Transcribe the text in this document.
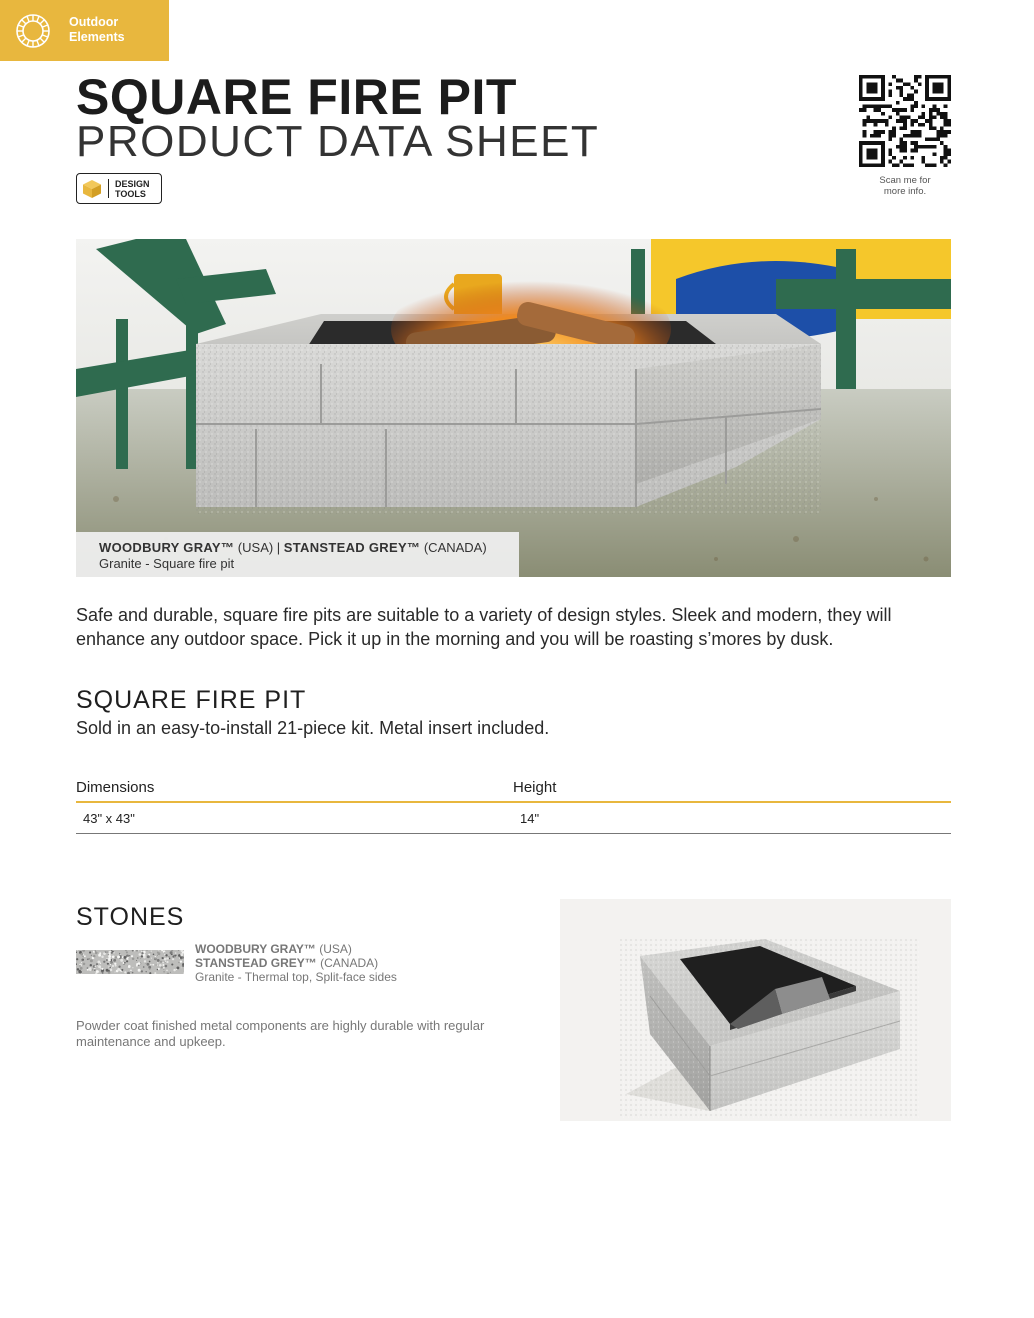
Outdoor
Elements
SQUARE FIRE PIT
PRODUCT DATA SHEET
DESIGN
TOOLS
Scan me for
more info.
WOODBURY GRAY™ (USA) | STANSTEAD GREY™ (CANADA)
Granite - Square fire pit

Safe and durable, square fire pits are suitable to a variety of design styles. Sleek and modern, they will enhance any outdoor space. Pick it up in the morning and you will be roasting s’mores by dusk.

SQUARE FIRE PIT
Sold in an easy-to-install 21-piece kit. Metal insert included.
Dimensions	Height
43" x 43"	14"
STONES
WOODBURY GRAY™ (USA)
STANSTEAD GREY™ (CANADA)
Granite - Thermal top, Split-face sides

Powder coat finished metal components are highly durable with regular maintenance and upkeep.
